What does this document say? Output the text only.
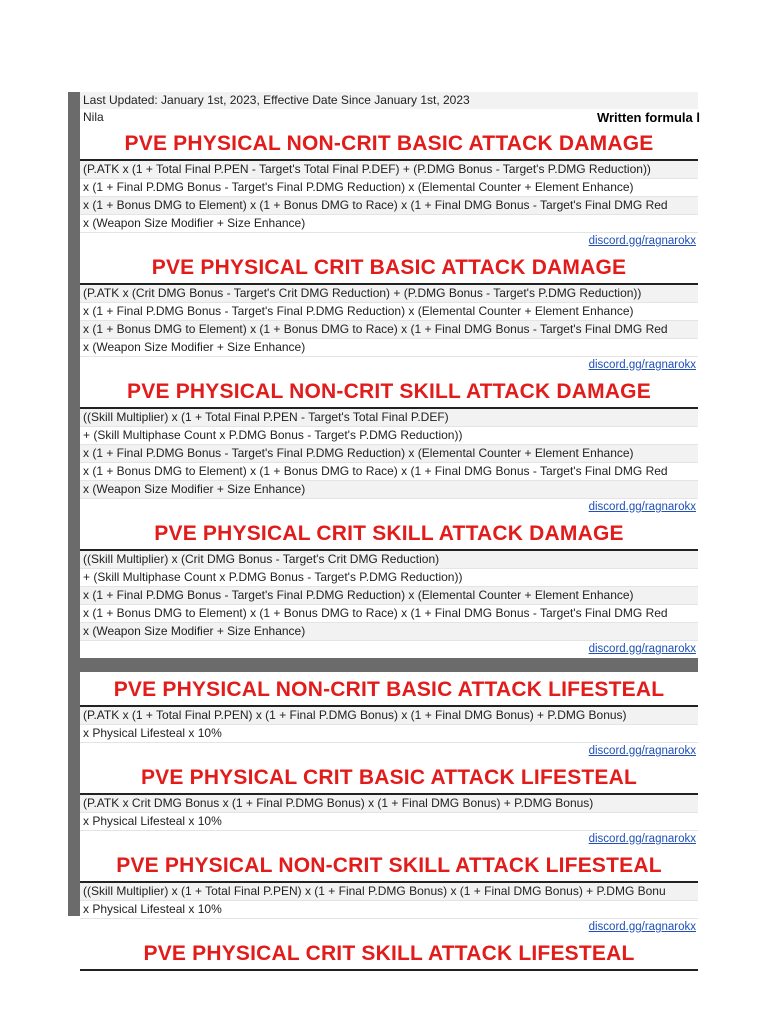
Last Updated: January 1st, 2023, Effective Date Since January 1st, 2023
Nila	Written formula l
PVE PHYSICAL NON-CRIT BASIC ATTACK DAMAGE
(P.ATK x (1 + Total Final P.PEN - Target's Total Final P.DEF) + (P.DMG Bonus - Target's P.DMG Reduction))
x (1 + Final P.DMG Bonus - Target's Final P.DMG Reduction) x (Elemental Counter + Element Enhance)
x (1 + Bonus DMG to Element) x (1 + Bonus DMG to Race) x (1 + Final DMG Bonus - Target's Final DMG Red
x (Weapon Size Modifier + Size Enhance)
discord.gg/ragnarokx
PVE PHYSICAL CRIT BASIC ATTACK DAMAGE
(P.ATK x (Crit DMG Bonus - Target's Crit DMG Reduction) + (P.DMG Bonus - Target's P.DMG Reduction))
x (1 + Final P.DMG Bonus - Target's Final P.DMG Reduction) x (Elemental Counter + Element Enhance)
x (1 + Bonus DMG to Element) x (1 + Bonus DMG to Race) x (1 + Final DMG Bonus - Target's Final DMG Red
x (Weapon Size Modifier + Size Enhance)
discord.gg/ragnarokx
PVE PHYSICAL NON-CRIT SKILL ATTACK DAMAGE
((Skill Multiplier) x (1 + Total Final P.PEN - Target's Total Final P.DEF)
+ (Skill Multiphase Count x P.DMG Bonus - Target's P.DMG Reduction))
x (1 + Final P.DMG Bonus - Target's Final P.DMG Reduction) x (Elemental Counter + Element Enhance)
x (1 + Bonus DMG to Element) x (1 + Bonus DMG to Race) x (1 + Final DMG Bonus - Target's Final DMG Red
x (Weapon Size Modifier + Size Enhance)
discord.gg/ragnarokx
PVE PHYSICAL CRIT SKILL ATTACK DAMAGE
((Skill Multiplier) x (Crit DMG Bonus - Target's Crit DMG Reduction)
+ (Skill Multiphase Count x P.DMG Bonus - Target's P.DMG Reduction))
x (1 + Final P.DMG Bonus - Target's Final P.DMG Reduction) x (Elemental Counter + Element Enhance)
x (1 + Bonus DMG to Element) x (1 + Bonus DMG to Race) x (1 + Final DMG Bonus - Target's Final DMG Red
x (Weapon Size Modifier + Size Enhance)
discord.gg/ragnarokx
PVE PHYSICAL NON-CRIT BASIC ATTACK LIFESTEAL
(P.ATK x (1 + Total Final P.PEN) x (1 + Final P.DMG Bonus) x (1 + Final DMG Bonus) + P.DMG Bonus)
x Physical Lifesteal x 10%
discord.gg/ragnarokx
PVE PHYSICAL CRIT BASIC ATTACK LIFESTEAL
(P.ATK x Crit DMG Bonus x (1 + Final P.DMG Bonus) x (1 + Final DMG Bonus) + P.DMG Bonus)
x Physical Lifesteal x 10%
discord.gg/ragnarokx
PVE PHYSICAL NON-CRIT SKILL ATTACK LIFESTEAL
((Skill Multiplier) x (1 + Total Final P.PEN) x (1 + Final P.DMG Bonus) x (1 + Final DMG Bonus) + P.DMG Bonu
x Physical Lifesteal x 10%
discord.gg/ragnarokx
PVE PHYSICAL CRIT SKILL ATTACK LIFESTEAL
